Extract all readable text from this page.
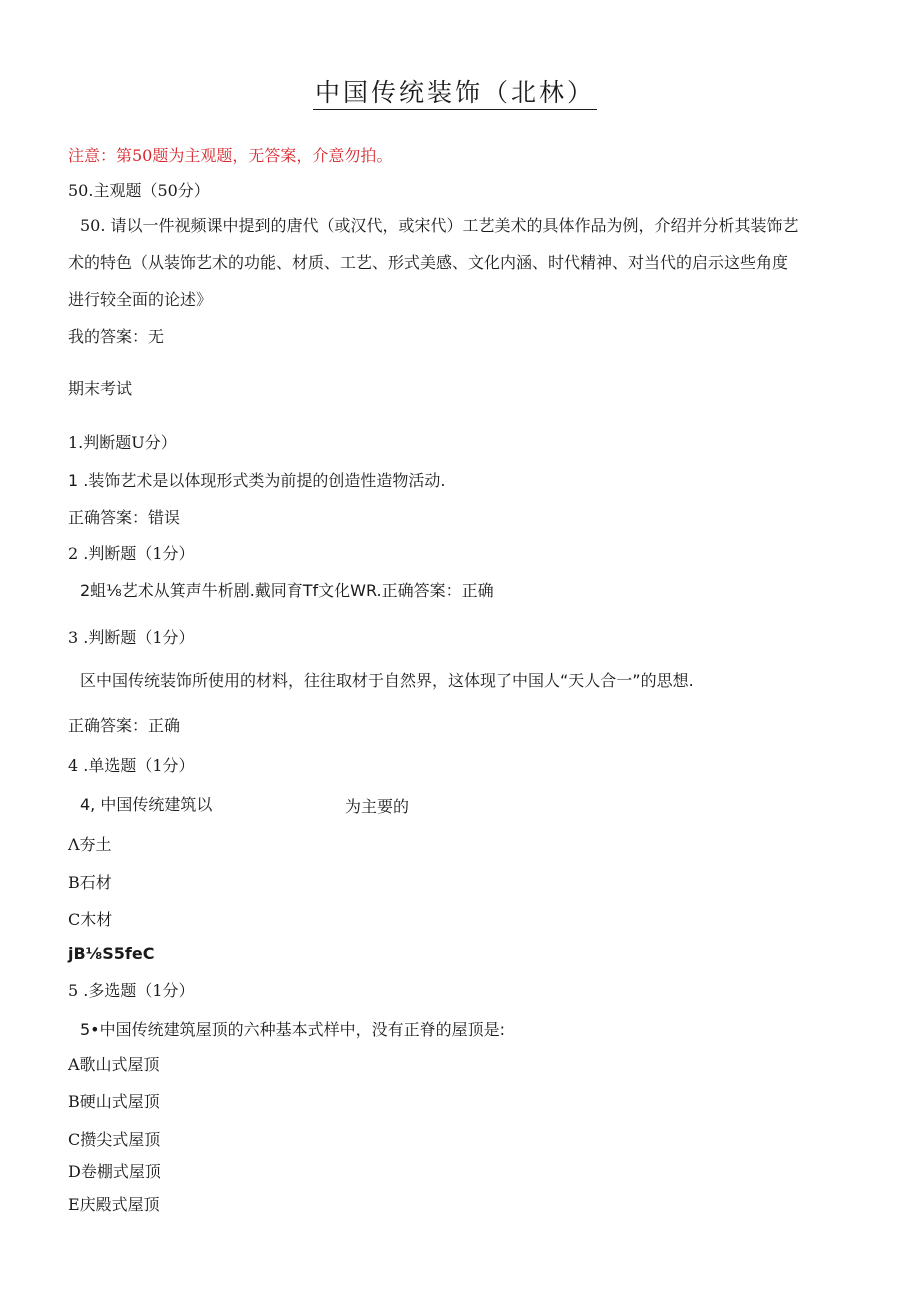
中国传统装饰（北林）

注意：第50题为主观题，无答案，介意勿拍。

50.主观题（50分）

50. 请以一件视频课中提到的唐代（或汉代，或宋代）工艺美术的具体作品为例，介绍并分析其装饰艺

术的特色（从装饰艺术的功能、材质、工艺、形式美感、文化内涵、时代精神、对当代的启示这些角度

进行较全面的论述》

我的答案：无

期末考试

1.判断题U分）

1 .装饰艺术是以体现形式类为前提的创造性造物活动.

正确答案：错误

2 .判断题（1分）

2蛆⅛艺术从箕声牛析剧.戴同育Tf文化WR.正确答案：正确

3 .判断题（1分）

区中国传统装饰所使用的材料，往往取材于自然界，这体现了中国人“天人合一”的思想.

正确答案：正确

4 .单选题（1分）

4, 中国传统建筑以	为主要的

Λ夯土

B石材

C木材

jB⅛S5feC

5 .多选题（1分）

5•中国传统建筑屋顶的六种基本式样中，没有正脊的屋顶是:

A歌山式屋顶

B硬山式屋顶

C攒尖式屋顶

D卷棚式屋顶

E庆殿式屋顶
